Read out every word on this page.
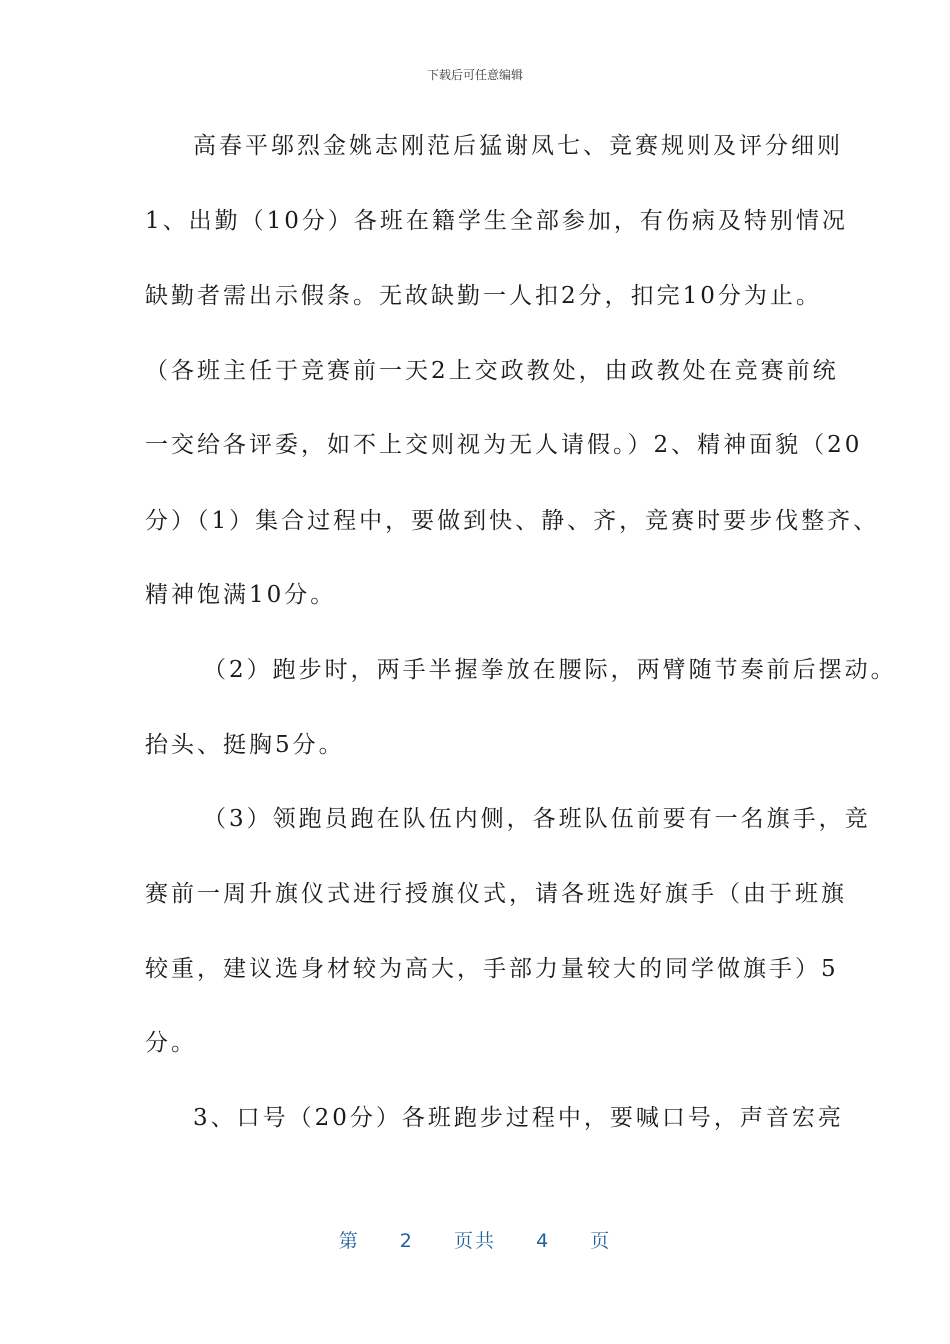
下载后可任意编辑
高春平邬烈金姚志刚范后猛谢凤七、竞赛规则及评分细则
1、出勤（10分）各班在籍学生全部参加，有伤病及特别情况
缺勤者需出示假条。无故缺勤一人扣2分，扣完10分为止。
（各班主任于竞赛前一天2上交政教处，由政教处在竞赛前统
一交给各评委，如不上交则视为无人请假。）2、精神面貌（20
分）（1）集合过程中，要做到快、静、齐，竞赛时要步伐整齐、
精神饱满10分。
（2）跑步时，两手半握拳放在腰际，两臂随节奏前后摆动。
抬头、挺胸5分。
（3）领跑员跑在队伍内侧，各班队伍前要有一名旗手，竞
赛前一周升旗仪式进行授旗仪式，请各班选好旗手（由于班旗
较重，建议选身材较为高大，手部力量较大的同学做旗手）5
分。
3、口号（20分）各班跑步过程中，要喊口号，声音宏亮
第 2 页共 4 页
